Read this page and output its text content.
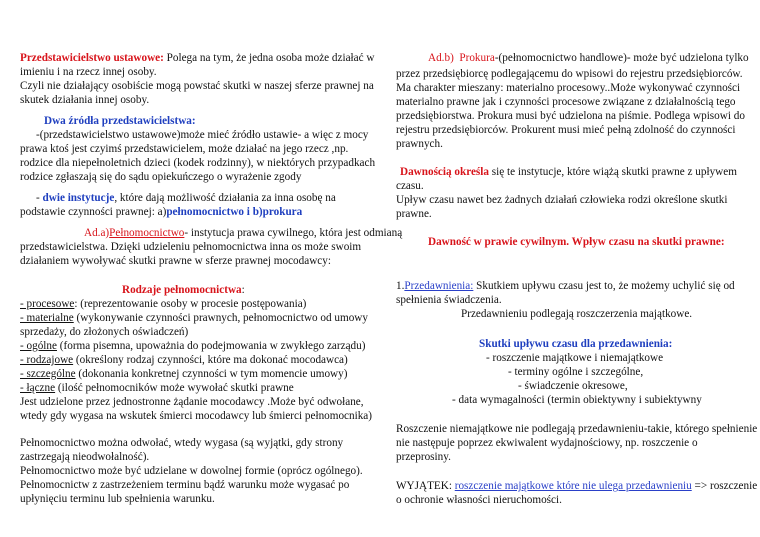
Przedstawicielstwo ustawowe: Polega na tym, że jedna osoba może działać w
imieniu i na rzecz innej osoby.
Czyli nie działający osobiście mogą powstać skutki w naszej sferze prawnej na
skutek działania innej osoby.
Dwa źródła przedstawicielstwa:
-(przedstawicielstwo ustawowe)może mieć źródło ustawie- a więc z mocy
prawa ktoś jest czyimś przedstawicielem, może działać na jego rzecz ,np.
rodzice dla niepełnoletnich dzieci (kodek rodzinny), w niektórych przypadkach
rodzice zgłaszają się do sądu opiekuńczego o wyrażenie zgody
- dwie instytucje, które dają możliwość działania za inna osobę na
podstawie czynności prawnej: a)pełnomocnictwo i b)prokura
Ad.a)Pełnomocnictwo- instytucja prawa cywilnego, która jest odmianą
przedstawicielstwa. Dzięki udzieleniu pełnomocnictwa inna os może swoim
działaniem wywoływać skutki prawne w sferze prawnej mocodawcy:
Rodzaje pełnomocnictwa:
- procesowe: (reprezentowanie osoby w procesie postępowania)
- materialne (wykonywanie czynności prawnych, pełnomocnictwo od umowy
sprzedaży, do złożonych oświadczeń)
- ogólne (forma pisemna, upoważnia do podejmowania w zwykłego zarządu)
- rodzajowe (określony rodzaj czynności, które ma dokonać mocodawca)
- szczególne (dokonania konkretnej czynności w tym momencie umowy)
- łączne (ilość pełnomocników może wywołać skutki prawne
Jest udzielone przez jednostronne żądanie mocodawcy .Może być odwołane,
wtedy gdy wygasa na wskutek śmierci mocodawcy lub śmierci pełnomocnika)
Pełnomocnictwo można odwołać, wtedy wygasa (są wyjątki, gdy strony
zastrzegają nieodwołalność).
Pełnomocnictwo może być udzielane w dowolnej formie (oprócz ogólnego).
Pełnomocnictw z zastrzeżeniem terminu bądź warunku może wygasać po
upłynięciu terminu lub spełnienia warunku.
Ad.b) Prokura-(pełnomocnictwo handlowe)- może być udzielona tylko
przez przedsiębiorcę podlegającemu do wpisowi do rejestru przedsiębiorców.
Ma charakter mieszany: materialno procesowy..Może wykonywać czynności
materialno prawne jak i czynności procesowe związane z działalnością tego
przedsiębiorstwa. Prokura musi być udzielona na piśmie. Podlega wpisowi do
rejestru przedsiębiorców. Prokurent musi mieć pełną zdolność do czynności
prawnych.
Dawnością określa się te instytucje, które wiążą skutki prawne z upływem
czasu.
Upływ czasu nawet bez żadnych działań człowieka rodzi określone skutki
prawne.
Dawność w prawie cywilnym. Wpływ czasu na skutki prawne:
1.Przedawnienia: Skutkiem upływu czasu jest to, że możemy uchylić się od
spełnienia świadczenia.
Przedawnieniu podlegają roszczerzenia majątkowe.
Skutki upływu czasu dla przedawnienia:
- roszczenie majątkowe i niemajątkowe
- terminy ogólne i szczególne,
- świadczenie okresowe,
- data wymagalności (termin obiektywny i subiektywny
Roszczenie niemajątkowe nie podlegają przedawnieniu-takie, którego spełnienie
nie następuje poprzez ekwiwalent wydajnościowy, np. roszczenie o
przeprosiny.
WYJĄTEK: roszczenie majątkowe które nie ulega przedawnieniu => roszczenie
o ochronie własności nieruchomości.
